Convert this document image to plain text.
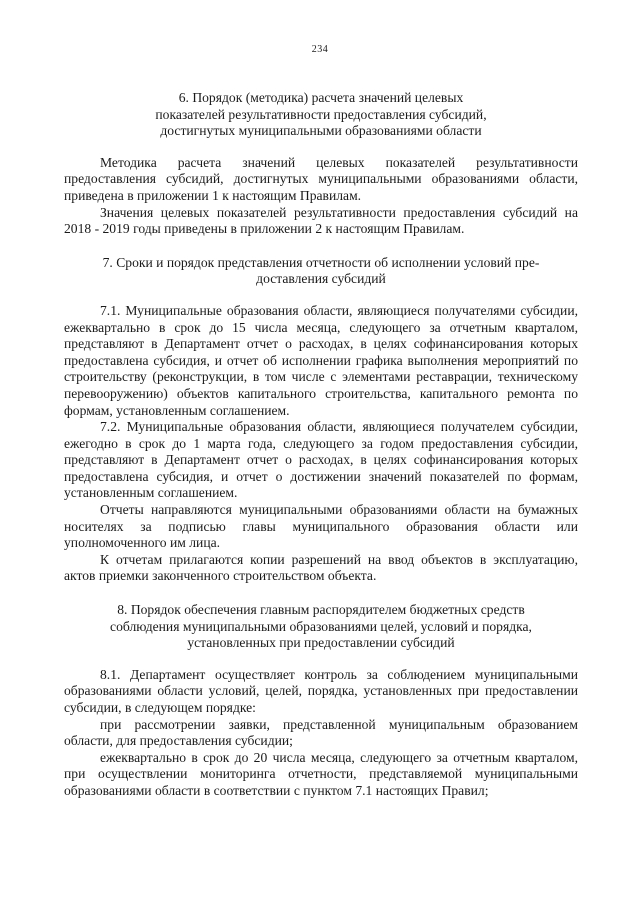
234
6. Порядок (методика) расчета значений целевых
показателей результативности предоставления субсидий,
достигнутых муниципальными образованиями области

Методика расчета значений целевых показателей результативности предоставления субсидий, достигнутых муниципальными образованиями области, приведена в приложении 1 к настоящим Правилам.

Значения целевых показателей результативности предоставления субсидий на 2018 - 2019 годы приведены в приложении 2 к настоящим Правилам.

7. Сроки и порядок представления отчетности об исполнении условий пре-
доставления субсидий

7.1. Муниципальные образования области, являющиеся получателями субсидии, ежеквартально в срок до 15 числа месяца, следующего за отчетным кварталом, представляют в Департамент отчет о расходах, в целях софинансирования которых предоставлена субсидия, и отчет об исполнении графика выполнения мероприятий по строительству (реконструкции, в том числе с элементами реставрации, техническому перевооружению) объектов капитального строительства, капитального ремонта по формам, установленным соглашением.

7.2. Муниципальные образования области, являющиеся получателем субсидии, ежегодно в срок до 1 марта года, следующего за годом предоставления субсидии, представляют в Департамент отчет о расходах, в целях софинансирования которых предоставлена субсидия, и отчет о достижении значений показателей по формам, установленным соглашением.

Отчеты направляются муниципальными образованиями области на бумажных носителях за подписью главы муниципального образования области или уполномоченного им лица.

К отчетам прилагаются копии разрешений на ввод объектов в эксплуатацию, актов приемки законченного строительством объекта.

8. Порядок обеспечения главным распорядителем бюджетных средств
соблюдения муниципальными образованиями целей, условий и порядка,
установленных при предоставлении субсидий

8.1. Департамент осуществляет контроль за соблюдением муниципальными образованиями области условий, целей, порядка, установленных при предоставлении субсидии, в следующем порядке:

при рассмотрении заявки, представленной муниципальным образованием области, для предоставления субсидии;

ежеквартально в срок до 20 числа месяца, следующего за отчетным кварталом, при осуществлении мониторинга отчетности, представляемой муниципальными образованиями области в соответствии с пунктом 7.1 настоящих Правил;
